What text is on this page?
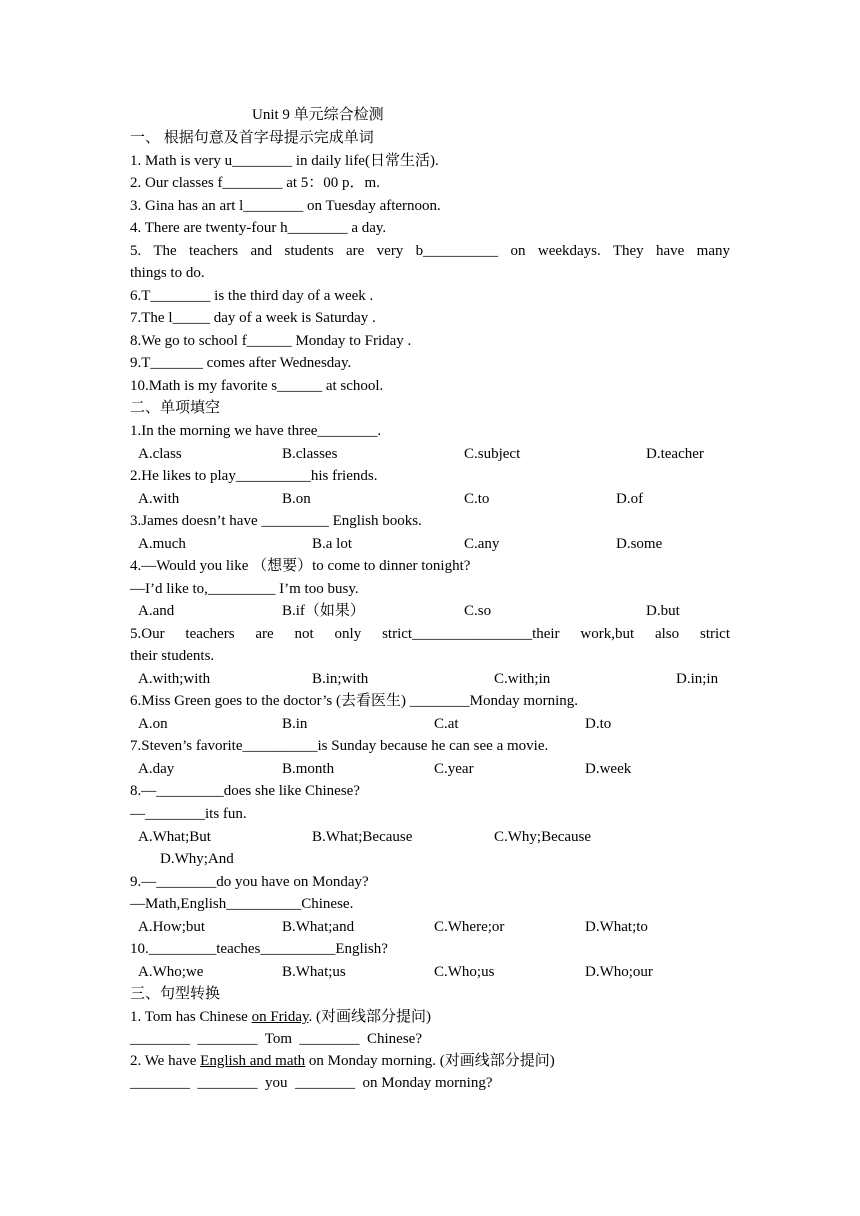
Unit 9 单元综合检测
一、 根据句意及首字母提示完成单词
1. Math is very u________ in daily life(日常生活).
2. Our classes f________ at 5：00 p．m.
3. Gina has an art l________ on Tuesday afternoon.
4. There are twenty-four h________ a day.
5. The teachers and students are very b__________ on weekdays. They have many
things to do.
6.T________ is the third day of a week .
7.The l_____ day of a week is Saturday .
8.We go to school f______ Monday to Friday .
9.T_______ comes after Wednesday.
10.Math is my favorite s______ at school.
二、单项填空
1.In the morning we have three________.
A.class	B.classes	C.subject	D.teacher
2.He likes to play__________his friends.
A.with	B.on	C.to	D.of
3.James doesn’t have _________ English books.
A.much	B.a lot	C.any	D.some
4.—Would you like （想要）to come to dinner tonight?
—I’d like to,_________ I’m too busy.
A.and	B.if（如果）	C.so	D.but
5.Our teachers are not only strict________________their work,but also strict
their students.
A.with;with	B.in;with	C.with;in	D.in;in
6.Miss Green goes to the doctor’s (去看医生) ________Monday morning.
A.on	B.in	C.at	D.to
7.Steven’s favorite__________is Sunday because he can see a movie.
A.day	B.month	C.year	D.week
8.—_________does she like Chinese?
—________its fun.
A.What;But	B.What;Because	C.Why;Because
D.Why;And
9.—________do you have on Monday?
—Math,English__________Chinese.
A.How;but	B.What;and	C.Where;or	D.What;to
10._________teaches__________English?
A.Who;we	B.What;us	C.Who;us	D.Who;our
三、句型转换
1. Tom has Chinese on Friday. (对画线部分提问)
________  ________  Tom  ________  Chinese?
2. We have English and math on Monday morning. (对画线部分提问)
________  ________  you  ________  on Monday morning?
